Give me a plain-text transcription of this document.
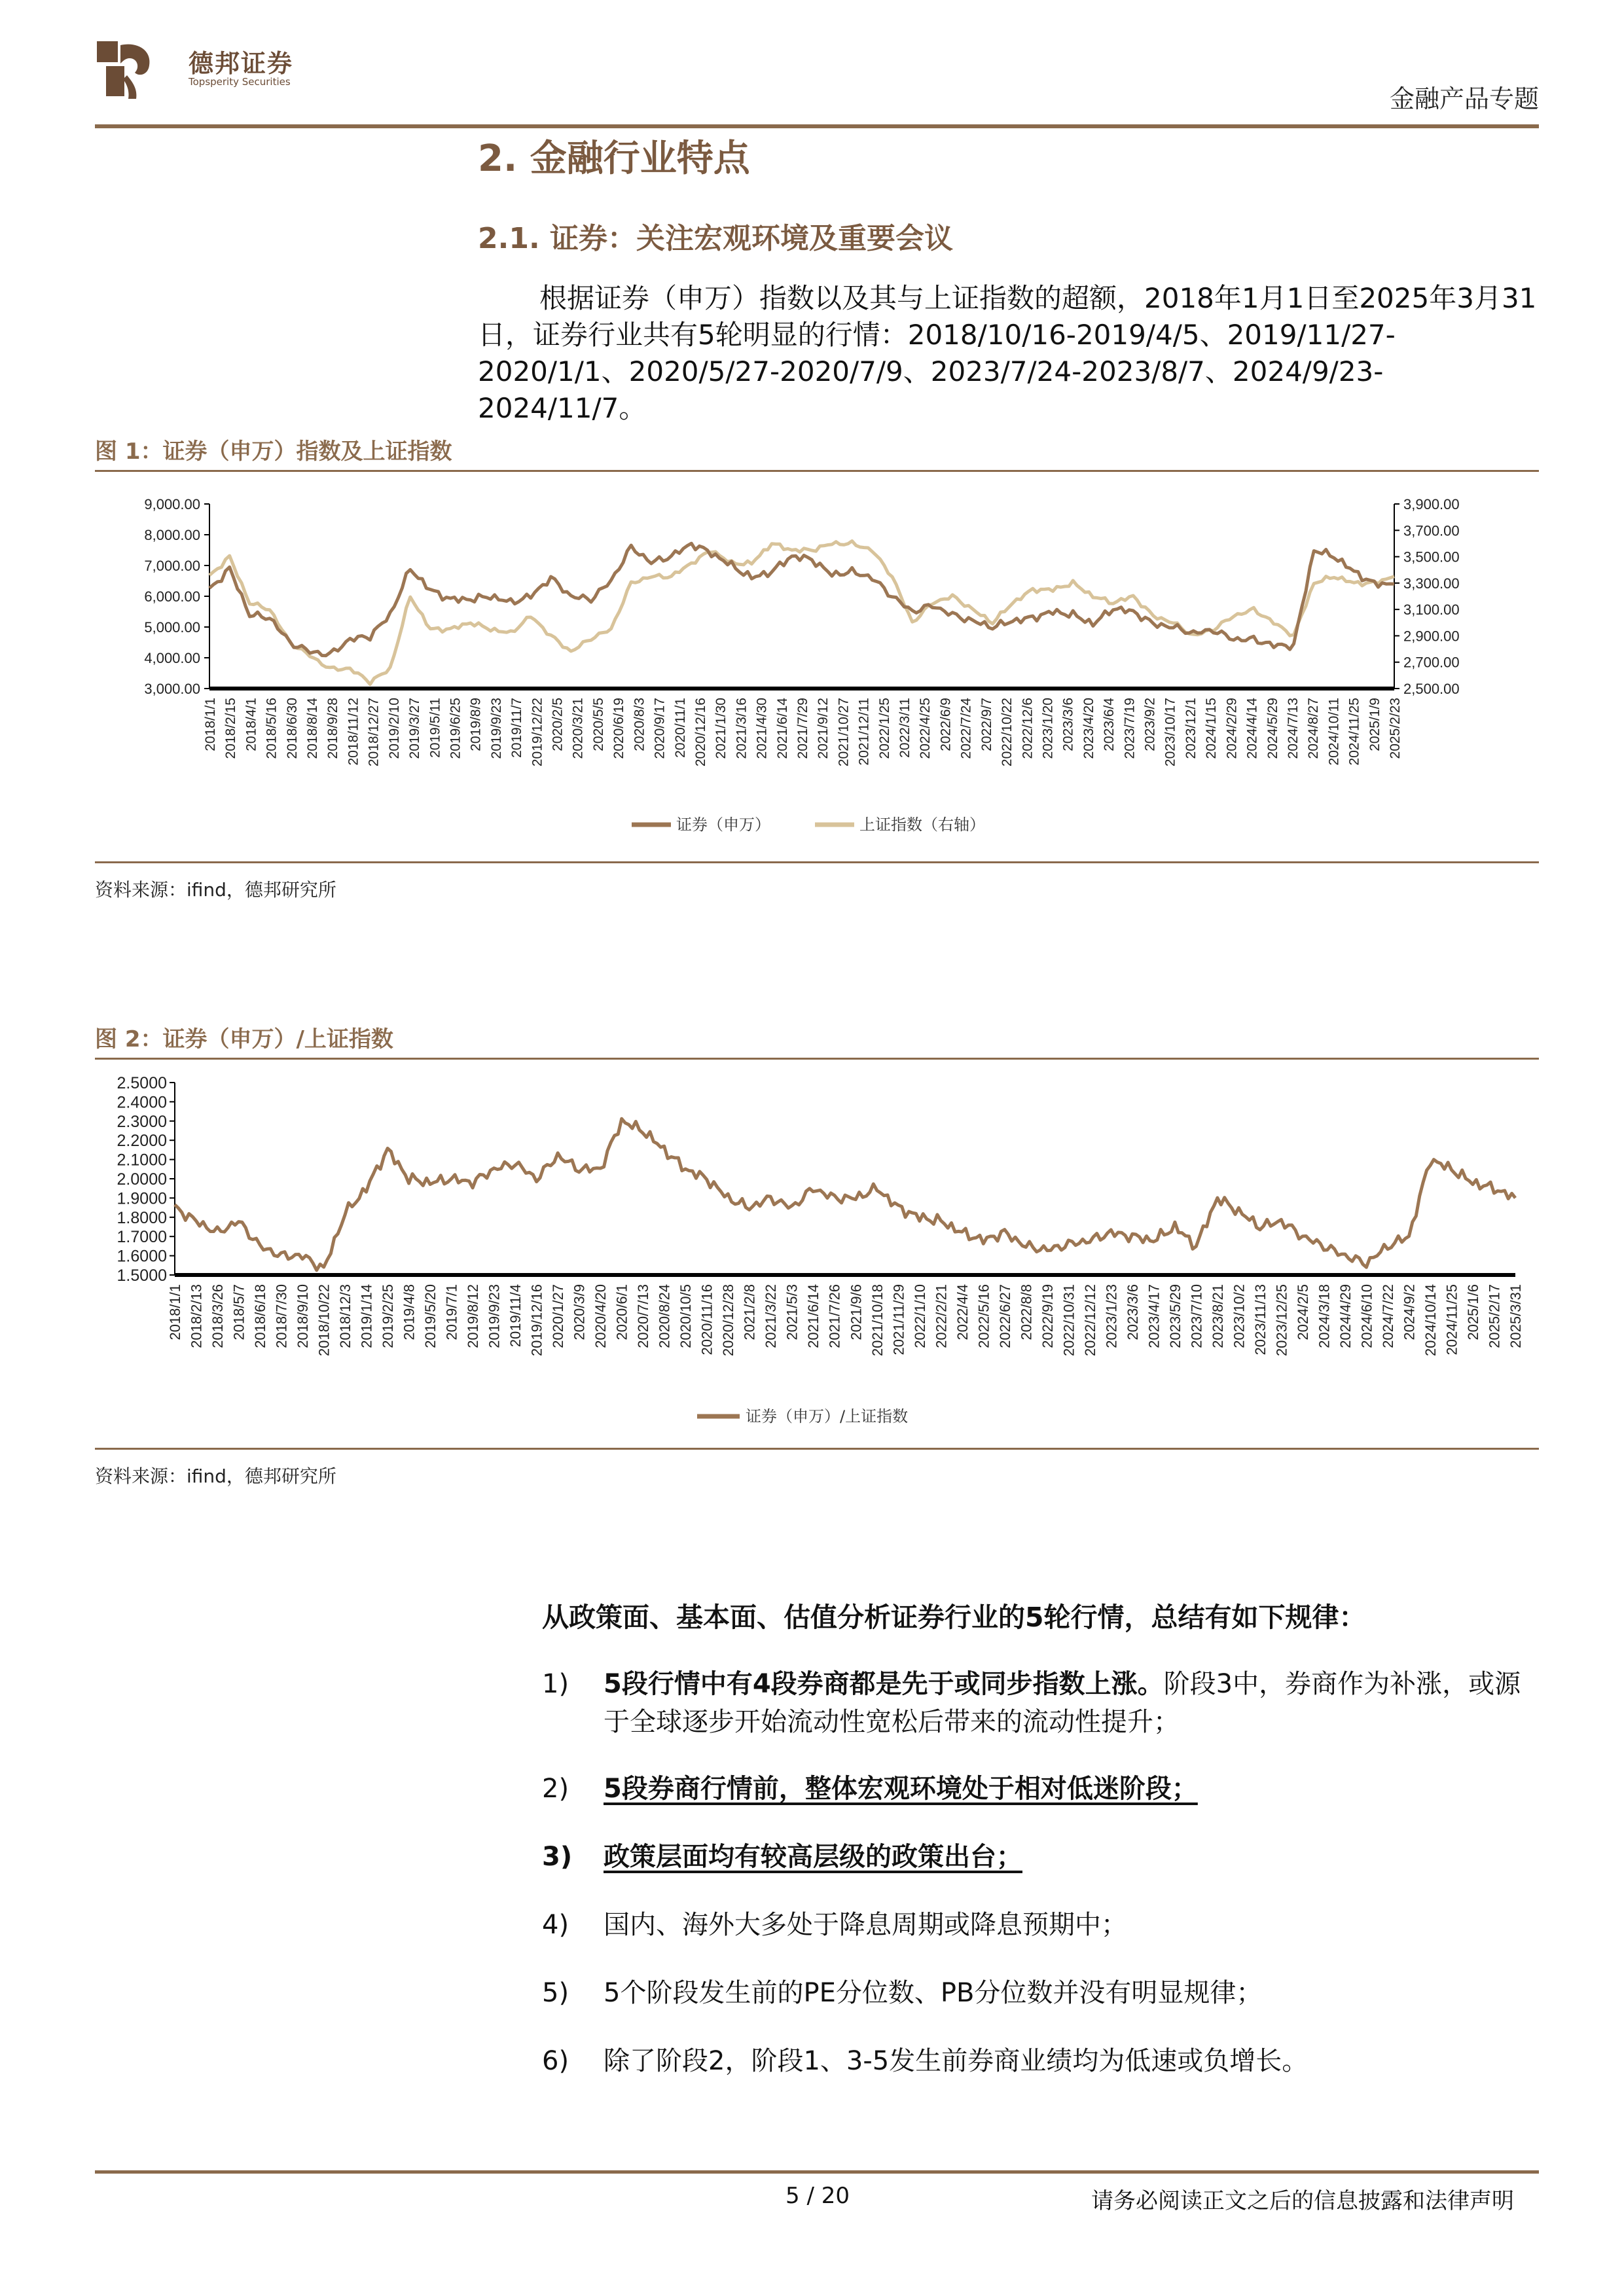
德邦证券
Topsperity Securities
金融产品专题
2. 金融行业特点
2.1. 证券：关注宏观环境及重要会议

根据证券（申万）指数以及其与上证指数的超额，2018年1月1日至2025年3月31日，证券行业共有5轮明显的行情：2018/10/16-2019/4/5、2019/11/27-2020/1/1、2020/5/27-2020/7/9、2023/7/24-2023/8/7、2024/9/23-2024/11/7。

图 1：证券（申万）指数及上证指数
9,000.00
8,000.00
7,000.00
6,000.00
5,000.00
4,000.00
3,000.00
3,900.00
3,700.00
3,500.00
3,300.00
3,100.00
2,900.00
2,700.00
2,500.00
2018/1/1 2018/2/15 2018/4/1 2018/5/16 2018/6/30 2018/8/14 2018/9/28 2018/11/12 2018/12/27 2019/2/10 2019/3/27 2019/5/11 2019/6/25 2019/8/9 2019/9/23 2019/11/7 2019/12/22 2020/2/5 2020/3/21 2020/5/5 2020/6/19 2020/8/3 2020/9/17 2020/11/1 2020/12/16 2021/1/30 2021/3/16 2021/4/30 2021/6/14 2021/7/29 2021/9/12 2021/10/27 2021/12/11 2022/1/25 2022/3/11 2022/4/25 2022/6/9 2022/7/24 2022/9/7 2022/10/22 2022/12/6 2023/1/20 2023/3/6 2023/4/20 2023/6/4 2023/7/19 2023/9/2 2023/10/17 2023/12/1 2024/1/15 2024/2/29 2024/4/14 2024/5/29 2024/7/13 2024/8/27 2024/10/11 2024/11/25 2025/1/9 2025/2/23
证券（申万）	上证指数（右轴）
资料来源：ifind，德邦研究所
图 2：证券（申万）/上证指数
2.5000
2.4000
2.3000
2.2000
2.1000
2.0000
1.9000
1.8000
1.7000
1.6000
1.5000
2018/1/1 2018/2/13 2018/3/26 2018/5/7 2018/6/18 2018/7/30 2018/9/10 2018/10/22 2018/12/3 2019/1/14 2019/2/25 2019/4/8 2019/5/20 2019/7/1 2019/8/12 2019/9/23 2019/11/4 2019/12/16 2020/1/27 2020/3/9 2020/4/20 2020/6/1 2020/7/13 2020/8/24 2020/10/5 2020/11/16 2020/12/28 2021/2/8 2021/3/22 2021/5/3 2021/6/14 2021/7/26 2021/9/6 2021/10/18 2021/11/29 2022/1/10 2022/2/21 2022/4/4 2022/5/16 2022/6/27 2022/8/8 2022/9/19 2022/10/31 2022/12/12 2023/1/23 2023/3/6 2023/4/17 2023/5/29 2023/7/10 2023/8/21 2023/10/2 2023/11/13 2023/12/25 2024/2/5 2024/3/18 2024/4/29 2024/6/10 2024/7/22 2024/9/2 2024/10/14 2024/11/25 2025/1/6 2025/2/17 2025/3/31
证券（申万）/上证指数
资料来源：ifind，德邦研究所
从政策面、基本面、估值分析证券行业的5轮行情，总结有如下规律：
1) 5段行情中有4段券商都是先于或同步指数上涨。阶段3中，券商作为补涨，或源于全球逐步开始流动性宽松后带来的流动性提升；
2) 5段券商行情前，整体宏观环境处于相对低迷阶段；
3) 政策层面均有较高层级的政策出台；
4) 国内、海外大多处于降息周期或降息预期中；
5) 5个阶段发生前的PE分位数、PB分位数并没有明显规律；
6) 除了阶段2，阶段1、3-5发生前券商业绩均为低速或负增长。
5 / 20	请务必阅读正文之后的信息披露和法律声明
